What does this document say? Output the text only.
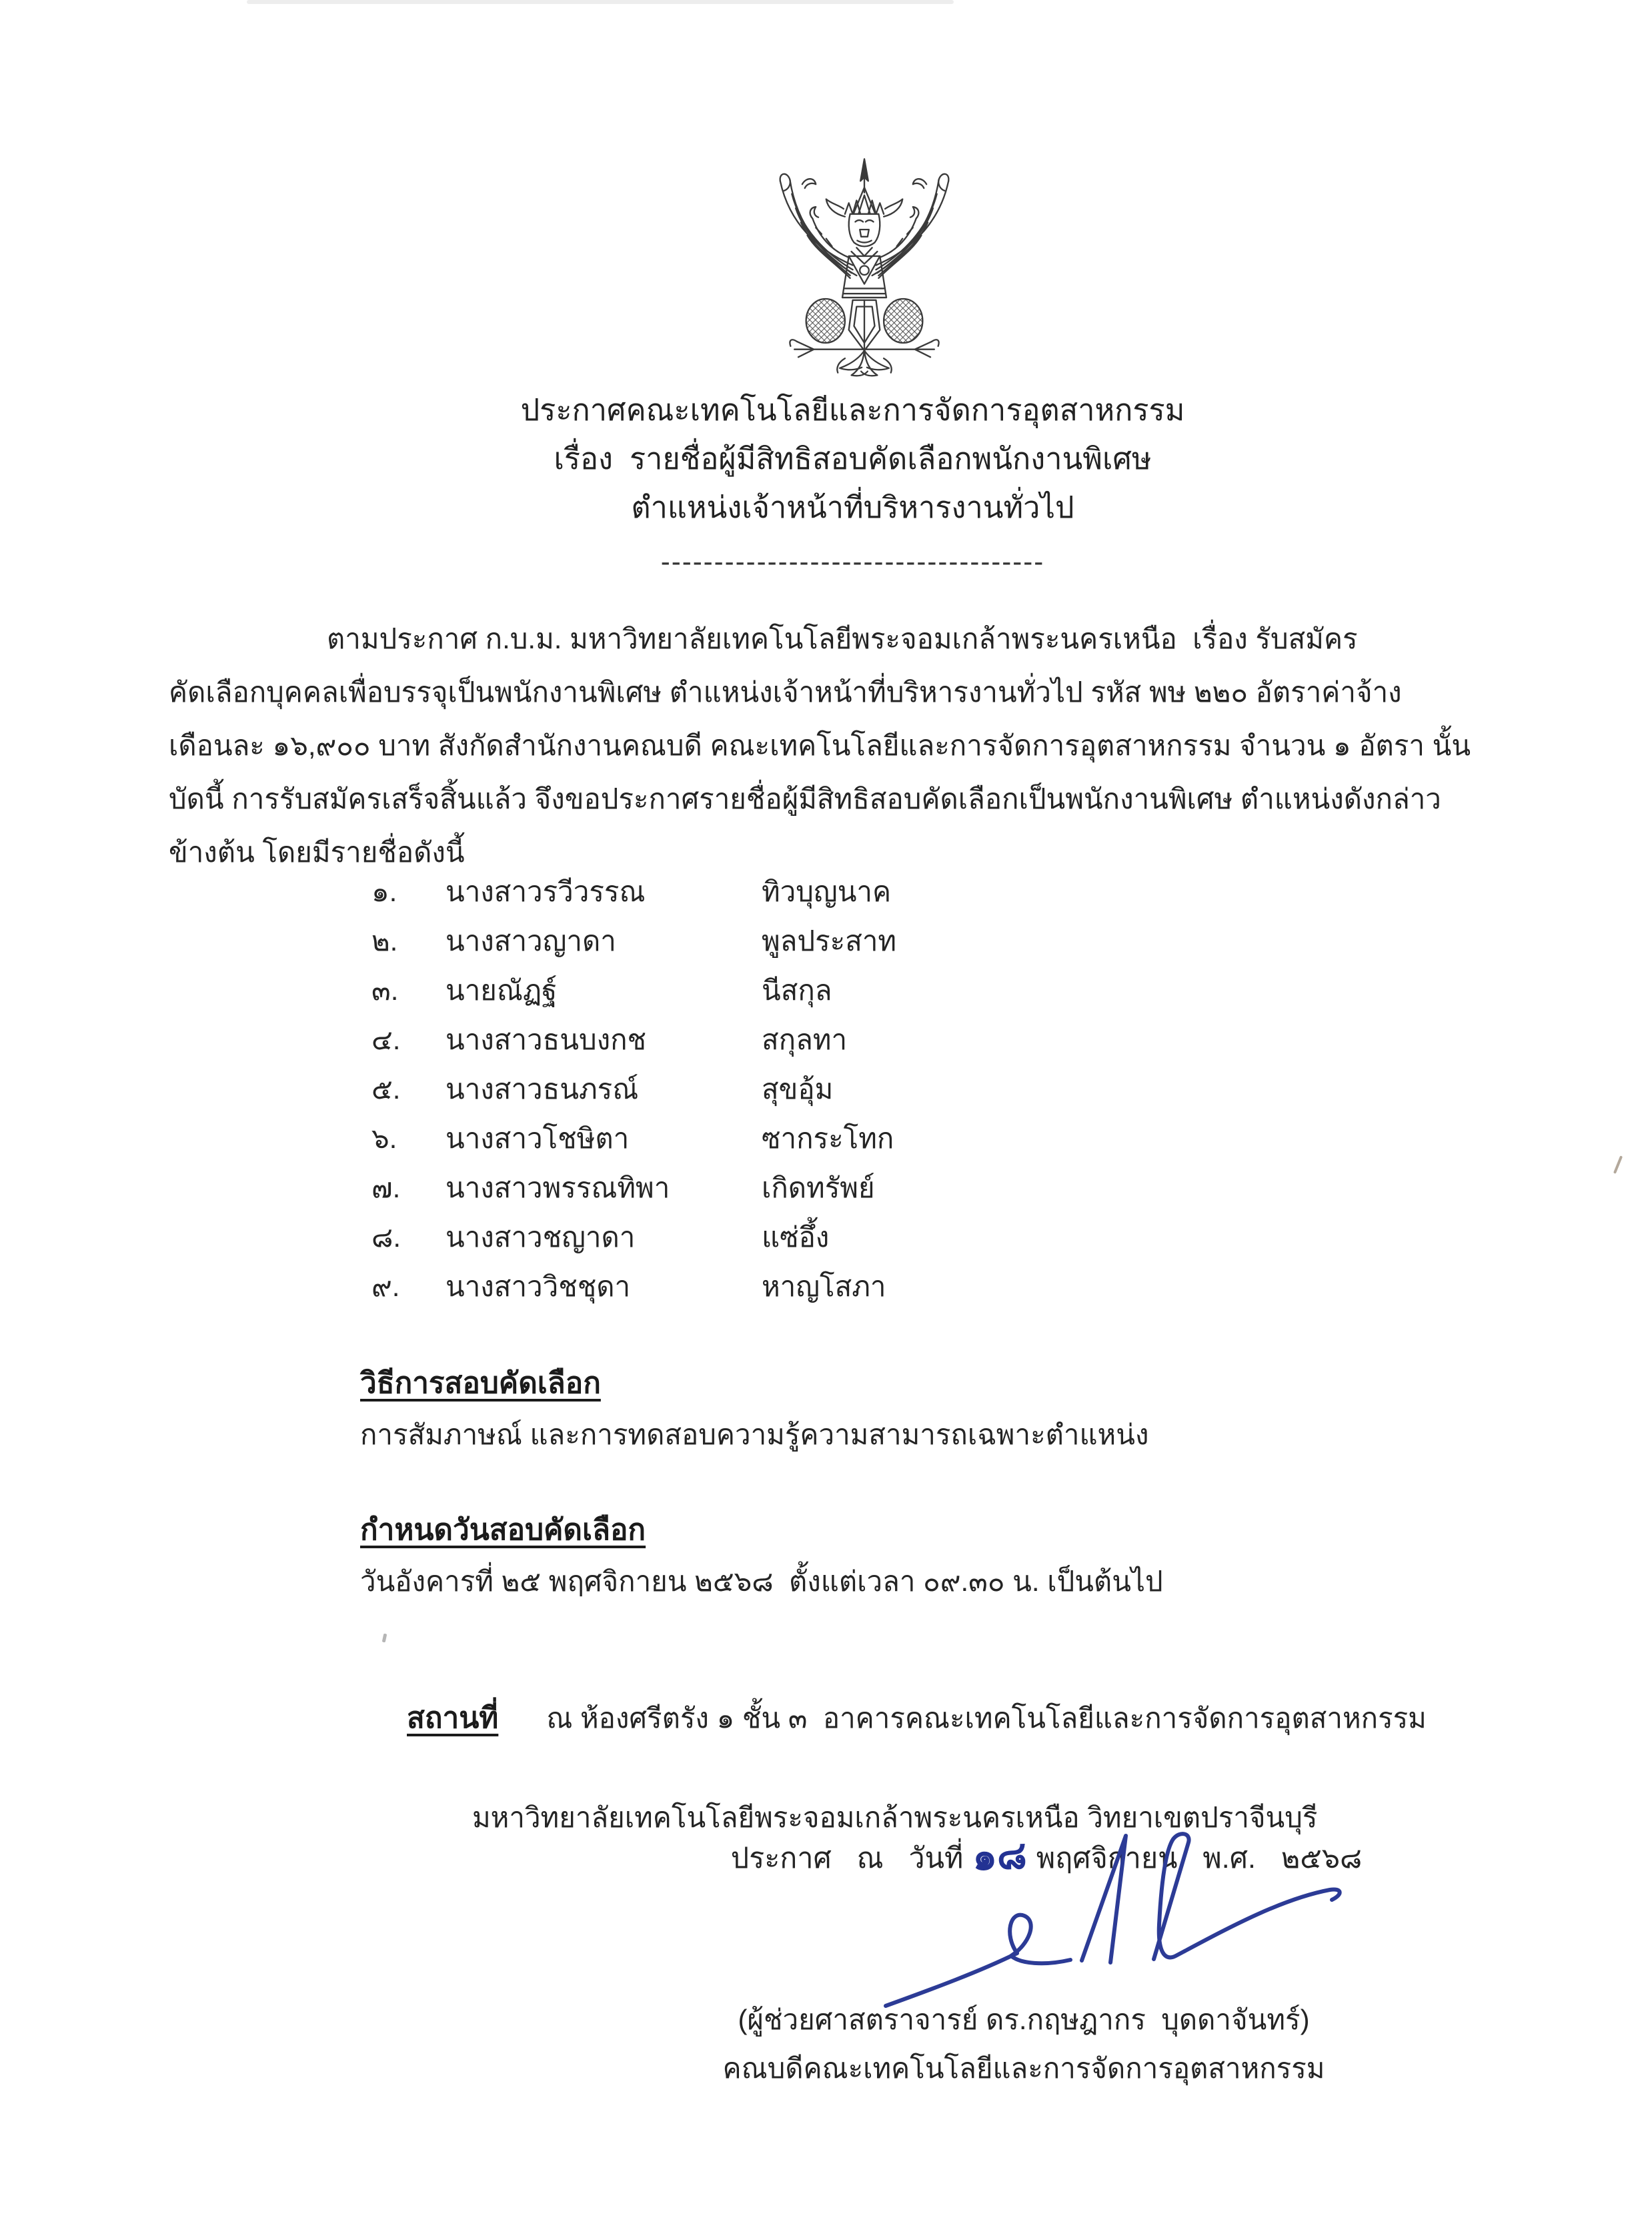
ประกาศคณะเทคโนโลยีและการจัดการอุตสาหกรรม
เรื่อง  รายชื่อผู้มีสิทธิสอบคัดเลือกพนักงานพิเศษ
ตำแหน่งเจ้าหน้าที่บริหารงานทั่วไป
------------------------------------
ตามประกาศ ก.บ.ม. มหาวิทยาลัยเทคโนโลยีพระจอมเกล้าพระนครเหนือ  เรื่อง รับสมัคร
คัดเลือกบุคคลเพื่อบรรจุเป็นพนักงานพิเศษ ตำแหน่งเจ้าหน้าที่บริหารงานทั่วไป รหัส พษ ๒๒๐ อัตราค่าจ้าง
เดือนละ ๑๖,๙๐๐ บาท สังกัดสำนักงานคณบดี คณะเทคโนโลยีและการจัดการอุตสาหกรรม จำนวน ๑ อัตรา นั้น
บัดนี้ การรับสมัครเสร็จสิ้นแล้ว จึงขอประกาศรายชื่อผู้มีสิทธิสอบคัดเลือกเป็นพนักงานพิเศษ ตำแหน่งดังกล่าว
ข้างต้น โดยมีรายชื่อดังนี้
๑.	นางสาวรวีวรรณ	ทิวบุญนาค
๒.	นางสาวญาดา	พูลประสาท
๓.	นายณัฏฐ์	นีสกุล
๔.	นางสาวธนบงกช	สกุลทา
๕.	นางสาวธนภรณ์	สุขอุ้ม
๖.	นางสาวโชษิตา	ซากระโทก
๗.	นางสาวพรรณทิพา	เกิดทรัพย์
๘.	นางสาวชญาดา	แซ่อึ้ง
๙.	นางสาววิชชุดา	หาญโสภา
วิธีการสอบคัดเลือก
การสัมภาษณ์ และการทดสอบความรู้ความสามารถเฉพาะตำแหน่ง
กำหนดวันสอบคัดเลือก
วันอังคารที่ ๒๕ พฤศจิกายน ๒๕๖๘  ตั้งแต่เวลา ๐๙.๓๐ น. เป็นต้นไป

สถานที่ ณ ห้องศรีตรัง ๑ ชั้น ๓  อาคารคณะเทคโนโลยีและการจัดการอุตสาหกรรม

มหาวิทยาลัยเทคโนโลยีพระจอมเกล้าพระนครเหนือ วิทยาเขตปราจีนบุรี

ประกาศ  ณ  วันที่ ๑๘ พฤศจิกายน  พ.ศ.  ๒๕๖๘

(ผู้ช่วยศาสตราจารย์ ดร.กฤษฎากร  บุดดาจันทร์)
คณบดีคณะเทคโนโลยีและการจัดการอุตสาหกรรม
